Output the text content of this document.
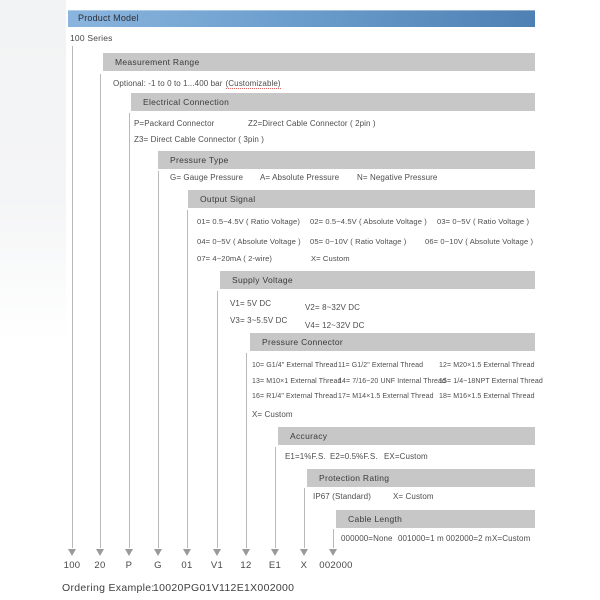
Product Model
100 Series
Measurement Range
Electrical Connection
Pressure Type
Output Signal
Supply Voltage
Pressure Connector
Accuracy
Protection Rating
Cable Length
Optional: -1 to 0 to 1...400 bar (Customizable)
P=Packard Connector	Z2=Direct Cable Connector ( 2pin )
Z3= Direct Cable Connector ( 3pin )
G= Gauge Pressure A= Absolute Pressure N= Negative Pressure
01= 0.5~4.5V ( Ratio Voltage) 02= 0.5~4.5V ( Absolute Voltage ) 03= 0~5V ( Ratio Voltage )
04= 0~5V ( Absolute Voltage ) 05= 0~10V ( Ratio Voltage ) 06= 0~10V ( Absolute Voltage )
07= 4~20mA ( 2-wire)	X= Custom
V1= 5V DC	V2= 8~32V DC
V3= 3~5.5V DC
V4= 12~32V DC
10= G1/4" External Thread 11= G1/2" External Thread 12= M20×1.5 External Thread
13= M10×1 External Thread
14= 7/16~20 UNF Internal Thread
15= 1/4~18NPT External Thread
16= R1/4" External Thread 17= M14×1.5 External Thread 18= M16×1.5 External Thread
X= Custom
E1=1%F.S. E2=0.5%F.S. EX=Custom
IP67 (Standard)	X= Custom
000000=None 001000=1 m 002000=2 m X=Custom
100 20 P G 01 V1 12 E1 X 002000
Ordering Example:
10020PG01V112E1X002000
